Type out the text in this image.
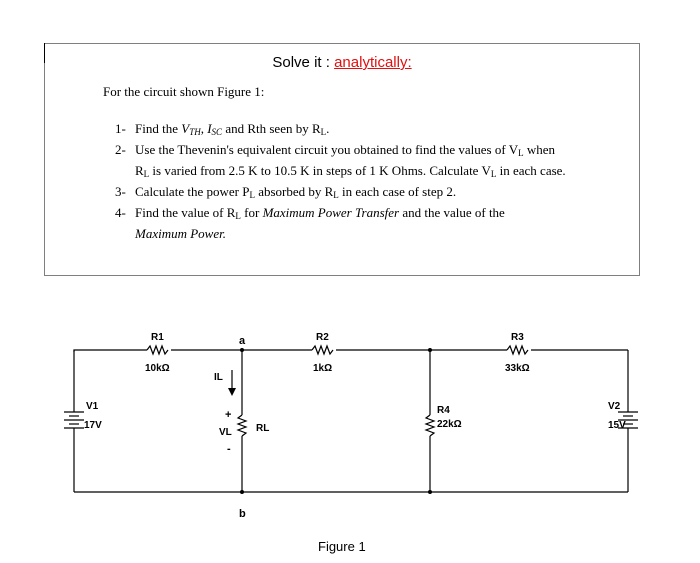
Solve it : analytically:
For the circuit shown Figure 1:
1- Find the $V_{TH}$, $I_{SC}$ and Rth seen by $R_L$.
2- Use the Thevenin's equivalent circuit you obtained to find the values of $V_L$ when
$R_L$ is varied from 2.5 K to 10.5 K in steps of 1 K Ohms. Calculate $V_L$ in each case.
3- Calculate the power $P_L$ absorbed by $R_L$ in each case of step 2.
4- Find the value of $R_L$ for Maximum Power Transfer and the value of the
Maximum Power.
R1
10kΩ
R2
1kΩ
R3
33kΩ
R4
22kΩ
V1
17V
V2
15V
RL
IL
VL
+
-
a
b
Figure 1
